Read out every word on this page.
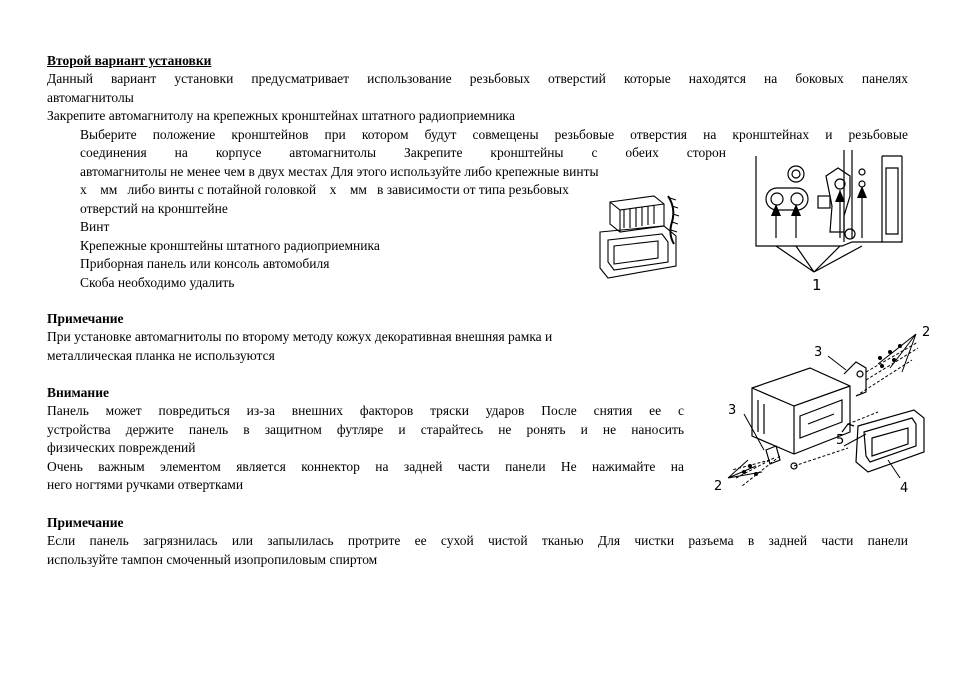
Второй вариант установки

Данный вариант установки предусматривает использование резьбовых отверстий которые находятся на боковых панелях

автомагнитолы

Закрепите автомагнитолу на крепежных кронштейнах штатного радиоприемника

Выберите положение кронштейнов при котором будут совмещены резьбовые отверстия на кронштейнах и резьбовые

соединения на корпусе автомагнитолы Закрепите кронштейны с обеих сторон

автомагнитолы не менее чем в двух местах Для этого используйте либо крепежные винты

х    мм   либо винты с потайной головкой    х    мм   в зависимости от типа резьбовых

отверстий на кронштейне

Винт

Крепежные кронштейны штатного радиоприемника

Приборная панель или консоль автомобиля

Скоба необходимо удалить	1

Примечание

При установке автомагнитолы по второму методу кожух декоративная внешняя рамка и

металлическая планка не используются

Внимание

Панель может повредиться из-за внешних факторов тряски ударов После снятия ее с

устройства держите панель в защитном футляре и старайтесь не ронять и не наносить

физических повреждений

Очень важным элементом является коннектор на задней части панели Не нажимайте на

него ногтями ручками отвертками

2
3
3
2
5
4

Примечание

Если панель загрязнилась или запылилась протрите ее сухой чистой тканью Для чистки разъема в задней части панели

используйте тампон смоченный изопропиловым спиртом
